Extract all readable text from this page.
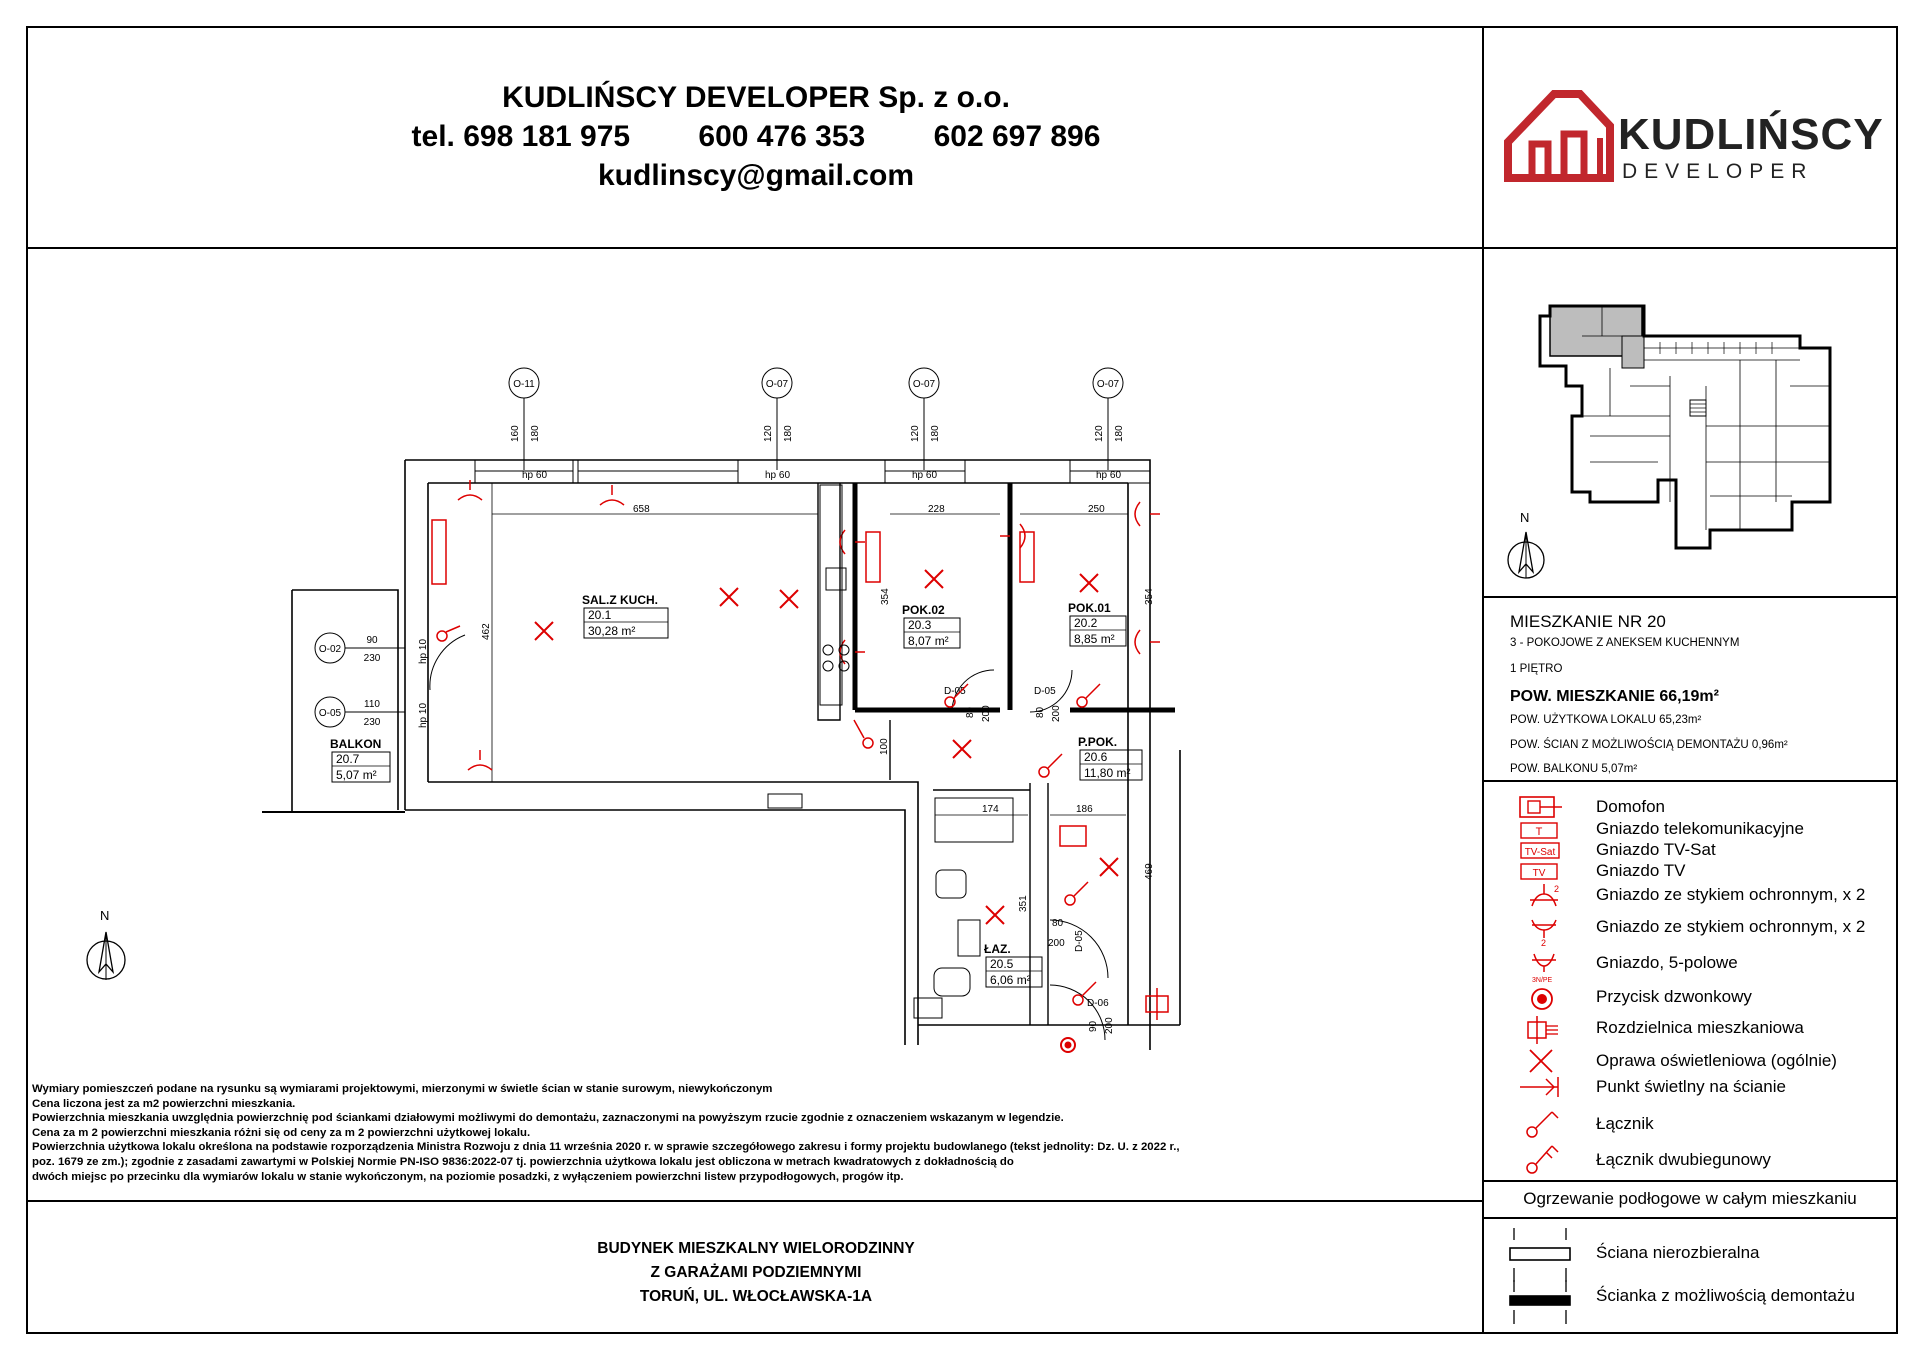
KUDLIŃSCY DEVELOPER Sp. z o.o.
tel. 698 181 975 600 476 353 602 697 896
kudlinscy@gmail.com
KUDLIŃSCY
DEVELOPER
N
MIESZKANIE NR 20
3 - POKOJOWE Z ANEKSEM KUCHENNYM
1 PIĘTRO
POW. MIESZKANIE 66,19m²
POW. UŻYTKOWA LOKALU 65,23m²
POW. ŚCIAN Z MOŻLIWOŚCIĄ DEMONTAŻU 0,96m²
POW. BALKONU 5,07m²
T
TV-Sat
TV
2
2
3N/PE
Domofon
Gniazdo telekomunikacyjne
Gniazdo TV-Sat
Gniazdo TV
Gniazdo ze stykiem ochronnym, x 2
Gniazdo ze stykiem ochronnym, x 2
Gniazdo, 5-polowe
Przycisk dzwonkowy
Rozdzielnica mieszkaniowa
Oprawa oświetleniowa (ogólnie)
Punkt świetlny na ścianie
Łącznik
Łącznik dwubiegunowy
Ogrzewanie podłogowe w całym mieszkaniu
Ściana nierozbieralna
Ścianka z możliwością demontażu
Wymiary pomieszczeń podane na rysunku są wymiarami projektowymi, mierzonymi w świetle ścian w stanie surowym, niewykończonym
Cena liczona jest za m2 powierzchni mieszkania.
Powierzchnia mieszkania uwzględnia powierzchnię pod ściankami działowymi możliwymi do demontażu, zaznaczonymi na powyższym rzucie zgodnie z oznaczeniem wskazanym w legendzie.
Cena za m 2 powierzchni mieszkania różni się od ceny za m 2 powierzchni użytkowej lokalu.
Powierzchnia użytkowa lokalu określona na podstawie rozporządzenia Ministra Rozwoju z dnia 11 września 2020 r. w sprawie szczegółowego zakresu i formy projektu budowlanego (tekst jednolity: Dz. U. z 2022 r.,
poz. 1679 ze zm.); zgodnie z zasadami zawartymi w Polskiej Normie PN-ISO 9836:2022-07 tj. powierzchnia użytkowa lokalu jest obliczona w metrach kwadratowych z dokładnością do
dwóch miejsc po przecinku dla wymiarów lokalu w stanie wykończonym, na poziomie posadzki, z wyłączeniem powierzchni listew przypodłogowych, progów itp.
BUDYNEK MIESZKALNY WIELORODZINNY
Z GARAŻAMI PODZIEMNYMI
TORUŃ, UL. WŁOCŁAWSKA-1A
N
O-11	O-07	O-07	O-07
O-02
O-05
160 180	120 180	120 180	120 180
90
230
110
230
hp 60	hp 60	hp 60	hp 60
hp 10
hp 10
658	228	250
462
354	354
100
174	186
351
469
SAL.Z KUCH.
20.1
30,28 m²
POK.02
20.3
8,07 m²
POK.01
20.2
8,85 m²
P.POK.
20.6
11,80 m²
ŁAZ.
20.5
6,06 m²
BALKON
20.7
5,07 m²
D-05
80 200
D-05
80 200
80
200 D-05
D-06
90 200
